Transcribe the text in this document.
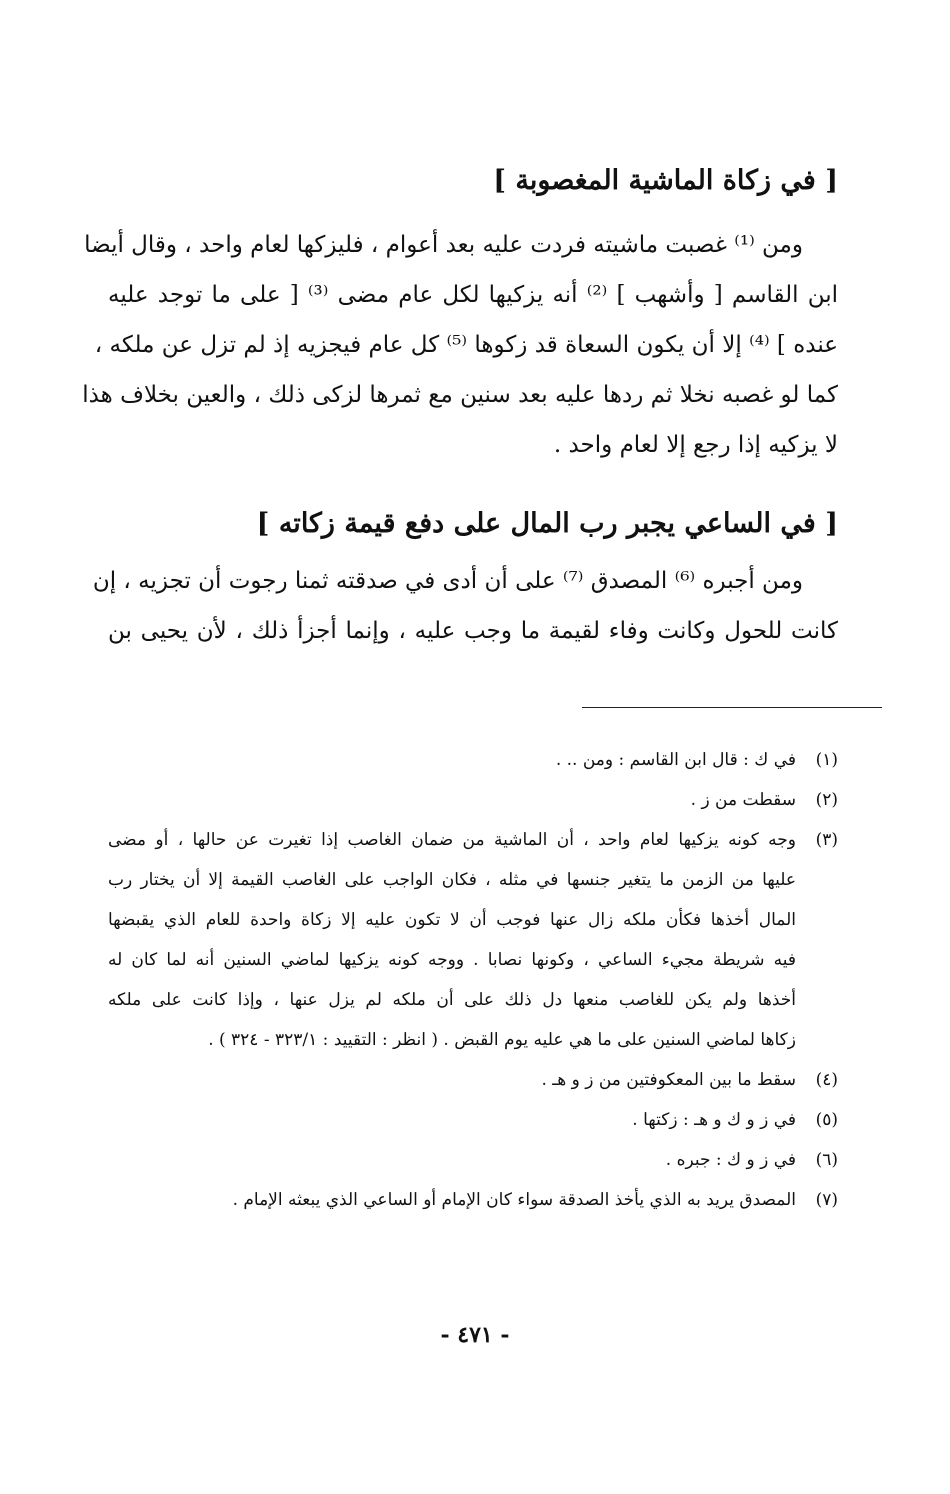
[ في زكاة الماشية المغصوبة ]
ومن ⁽¹⁾ غصبت ماشيته فردت عليه بعد أعوام ، فليزكها لعام واحد ، وقال أيضا
ابن القاسم [ وأشهب ] ⁽²⁾ أنه يزكيها لكل عام مضى ⁽³⁾ [ على ما توجد عليه
عنده ] ⁽⁴⁾ إلا أن يكون السعاة قد زكوها ⁽⁵⁾ كل عام فيجزيه إذ لم تزل عن ملكه ،
كما لو غصبه نخلا ثم ردها عليه بعد سنين مع ثمرها لزكى ذلك ، والعين بخلاف هذا
لا يزكيه إذا رجع إلا لعام واحد .
[ في الساعي يجبر رب المال على دفع قيمة زكاته ]
ومن أجبره ⁽⁶⁾ المصدق ⁽⁷⁾ على أن أدى في صدقته ثمنا رجوت أن تجزيه ، إن
كانت للحول وكانت وفاء لقيمة ما وجب عليه ، وإنما أجزأ ذلك ، لأن يحيى بن
(١)
في ك : قال ابن القاسم : ومن .. .
(٢)
سقطت من ز .
(٣)
وجه كونه يزكيها لعام واحد ، أن الماشية من ضمان الغاصب إذا تغيرت عن حالها ، أو مضى
عليها من الزمن ما يتغير جنسها في مثله ، فكان الواجب على الغاصب القيمة إلا أن يختار رب
المال أخذها فكأن ملكه زال عنها فوجب أن لا تكون عليه إلا زكاة واحدة للعام الذي يقبضها
فيه شريطة مجيء الساعي ، وكونها نصابا . ووجه كونه يزكيها لماضي السنين أنه لما كان له
أخذها ولم يكن للغاصب منعها دل ذلك على أن ملكه لم يزل عنها ، وإذا كانت على ملكه
زكاها لماضي السنين على ما هي عليه يوم القبض . ( انظر : التقييد : ٣٢٣/١ - ٣٢٤ ) .
(٤)
سقط ما بين المعكوفتين من ز و هـ .
(٥)
في ز و ك و هـ : زكتها .
(٦)
في ز و ك : جبره .
(٧)
المصدق يريد به الذي يأخذ الصدقة سواء كان الإمام أو الساعي الذي يبعثه الإمام .
- ٤٧١ -
